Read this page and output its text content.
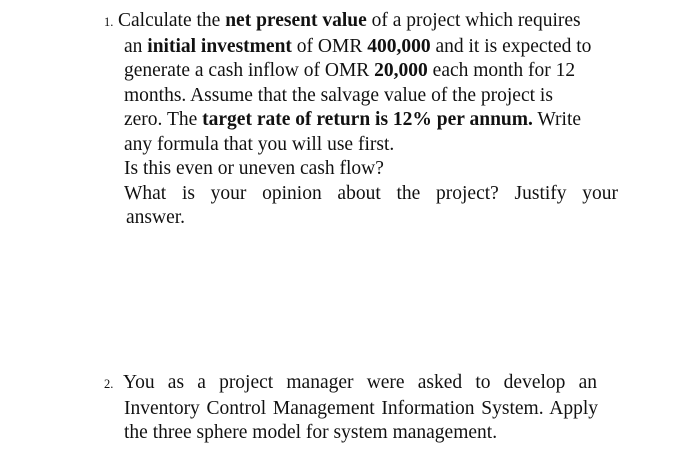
1. Calculate the net present value of a project which requires
an initial investment of OMR 400,000 and it is expected to
generate a cash inflow of OMR 20,000 each month for 12
months. Assume that the salvage value of the project is
zero. The target rate of return is 12% per annum. Write
any formula that you will use first.
Is this even or uneven cash flow?
What is your opinion about the project? Justify your
answer.
2. You as a project manager were asked to develop an
Inventory Control Management Information System. Apply
the three sphere model for system management.
